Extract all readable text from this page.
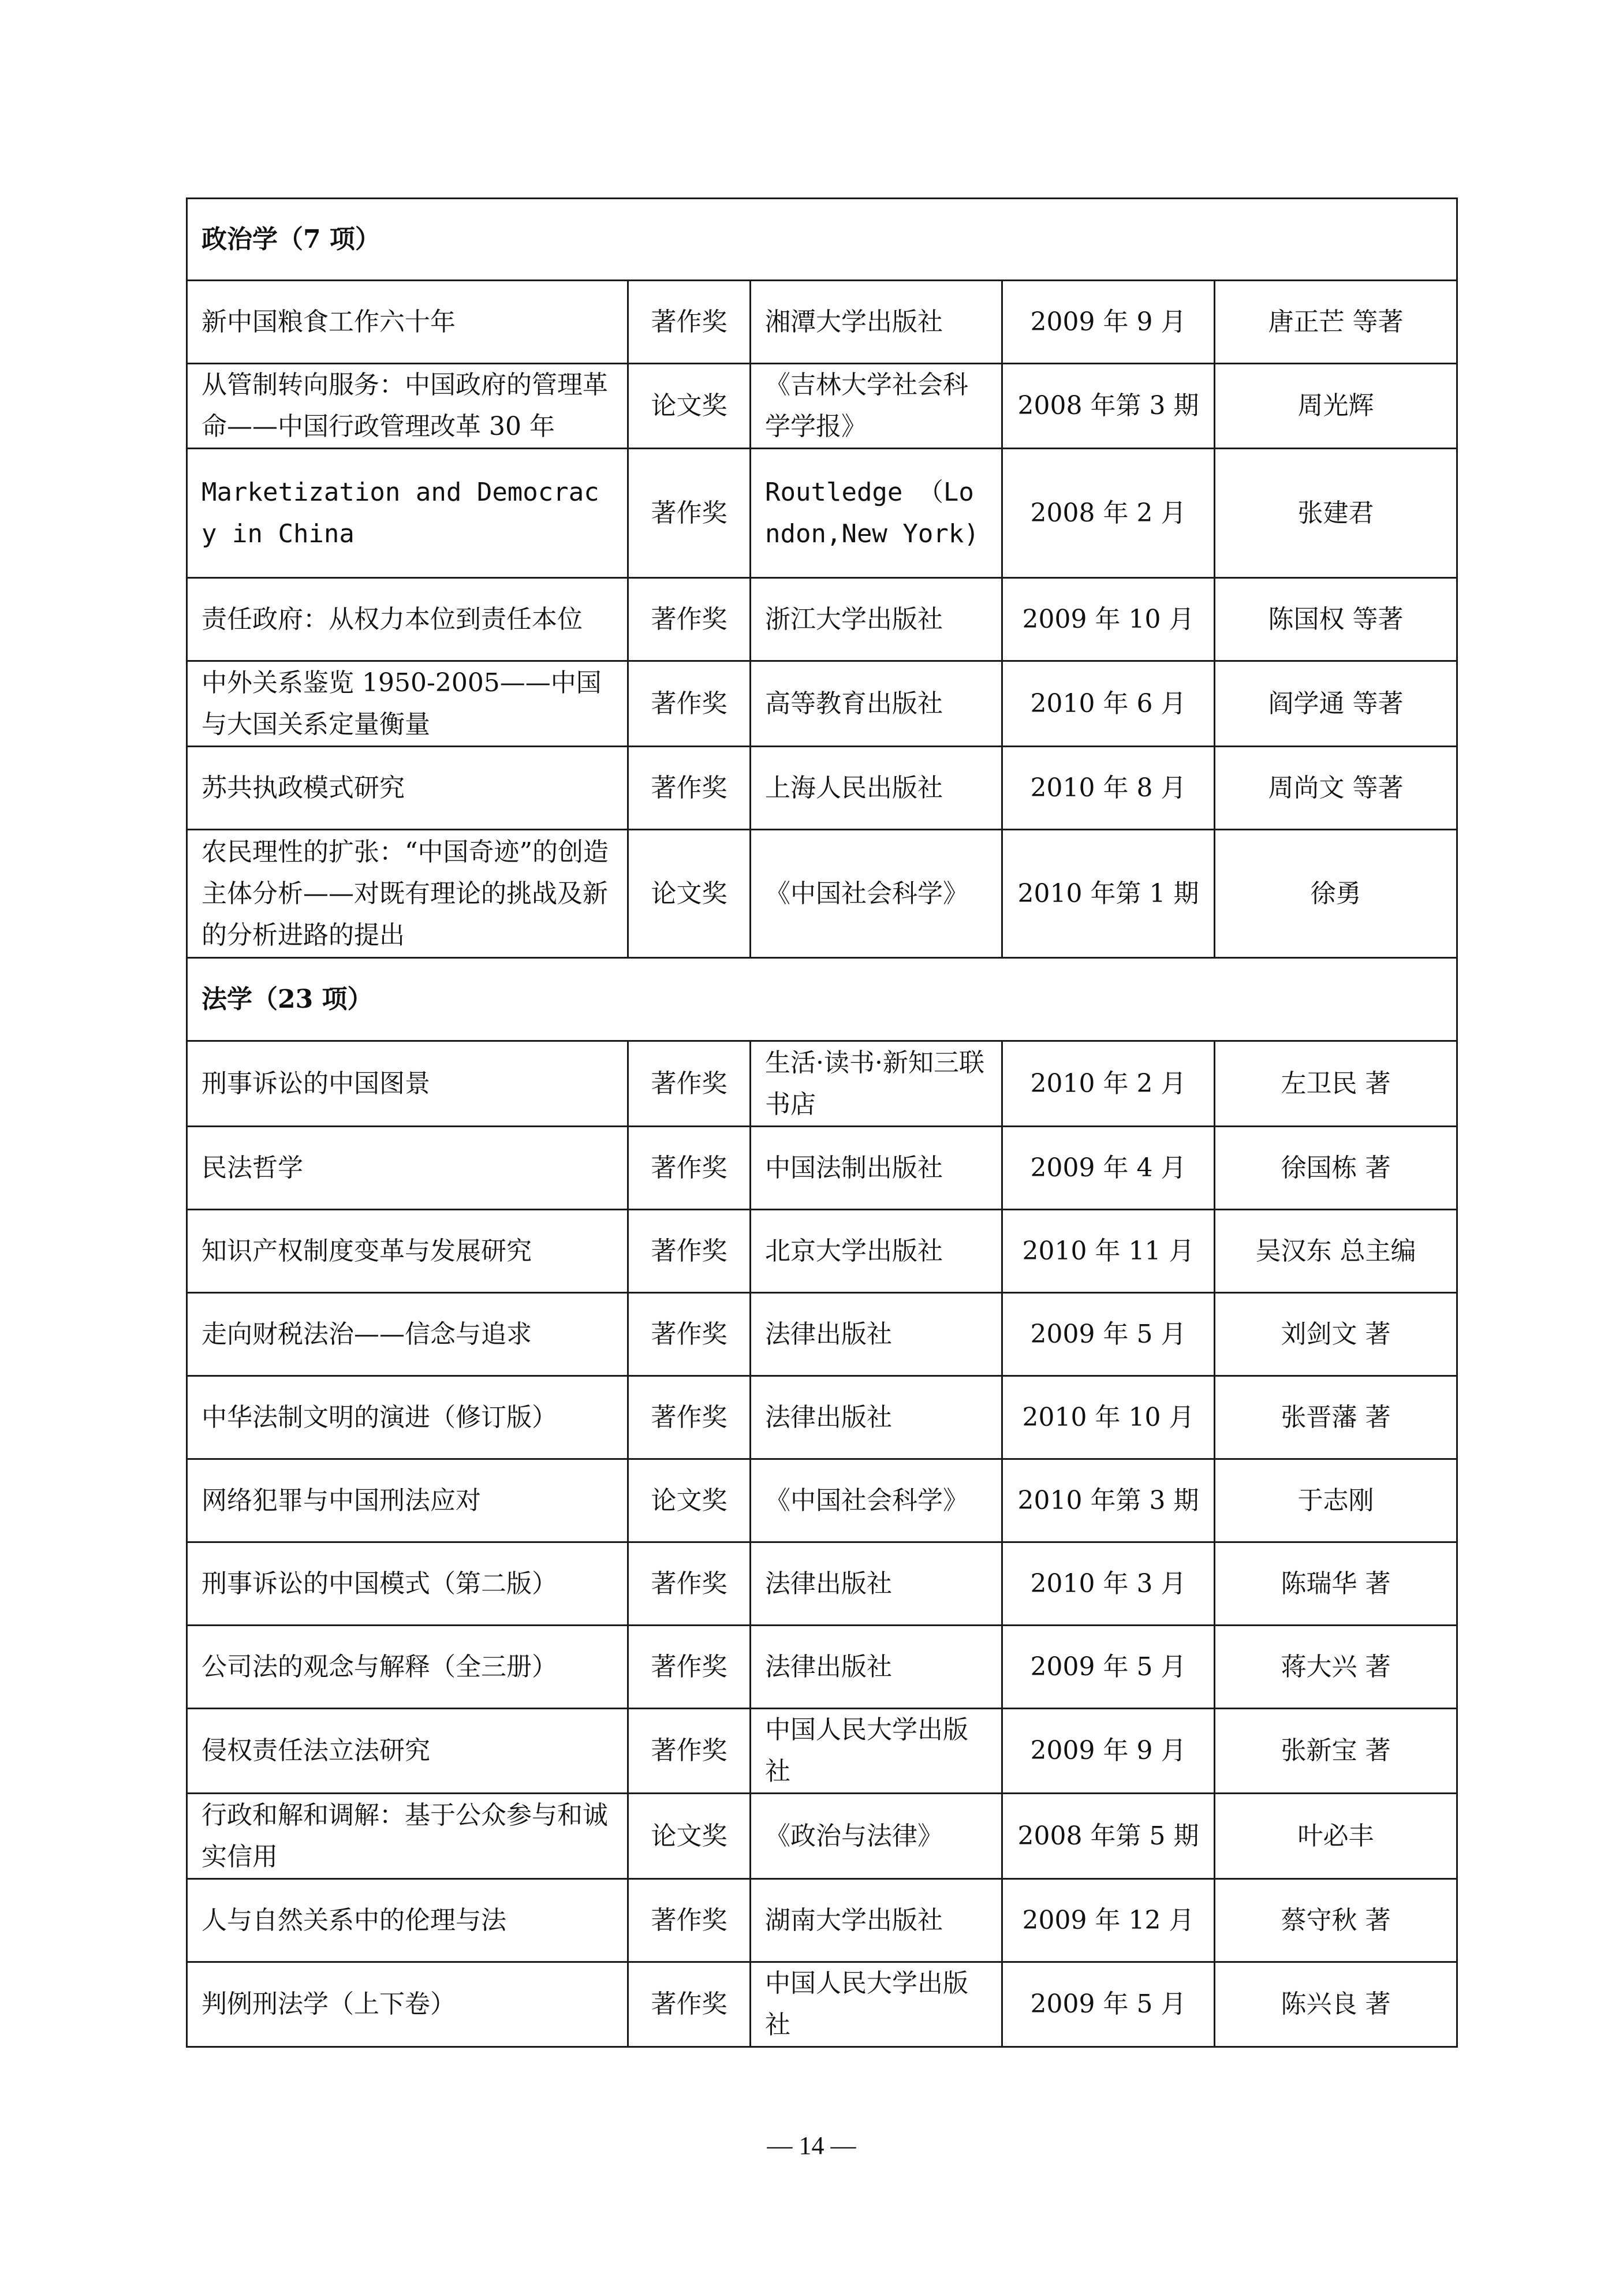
政治学（7 项）				
新中国粮食工作六十年	著作奖	湘潭大学出版社	2009 年 9 月	唐正芒 等著
从管制转向服务：中国政府的管理革命——中国行政管理改革 30 年	论文奖	《吉林大学社会科学学报》	2008 年第 3 期	周光辉
Marketization and Democracy in China	著作奖	Routledge （London,New York)	2008 年 2 月	张建君
责任政府：从权力本位到责任本位	著作奖	浙江大学出版社	2009 年 10 月	陈国权 等著
中外关系鉴览 1950-2005——中国与大国关系定量衡量	著作奖	高等教育出版社	2010 年 6 月	阎学通 等著
苏共执政模式研究	著作奖	上海人民出版社	2010 年 8 月	周尚文 等著
农民理性的扩张：“中国奇迹”的创造主体分析——对既有理论的挑战及新的分析进路的提出	论文奖	《中国社会科学》	2010 年第 1 期	徐勇
法学（23 项）				
刑事诉讼的中国图景	著作奖	生活·读书·新知三联书店	2010 年 2 月	左卫民 著
民法哲学	著作奖	中国法制出版社	2009 年 4 月	徐国栋 著
知识产权制度变革与发展研究	著作奖	北京大学出版社	2010 年 11 月	吴汉东 总主编
走向财税法治——信念与追求	著作奖	法律出版社	2009 年 5 月	刘剑文 著
中华法制文明的演进（修订版）	著作奖	法律出版社	2010 年 10 月	张晋藩 著
网络犯罪与中国刑法应对	论文奖	《中国社会科学》	2010 年第 3 期	于志刚
刑事诉讼的中国模式（第二版）	著作奖	法律出版社	2010 年 3 月	陈瑞华 著
公司法的观念与解释（全三册）	著作奖	法律出版社	2009 年 5 月	蒋大兴 著
侵权责任法立法研究	著作奖	中国人民大学出版社	2009 年 9 月	张新宝 著
行政和解和调解：基于公众参与和诚实信用	论文奖	《政治与法律》	2008 年第 5 期	叶必丰
人与自然关系中的伦理与法	著作奖	湖南大学出版社	2009 年 12 月	蔡守秋 著
判例刑法学（上下卷）	著作奖	中国人民大学出版社	2009 年 5 月	陈兴良 著
— 14 —
